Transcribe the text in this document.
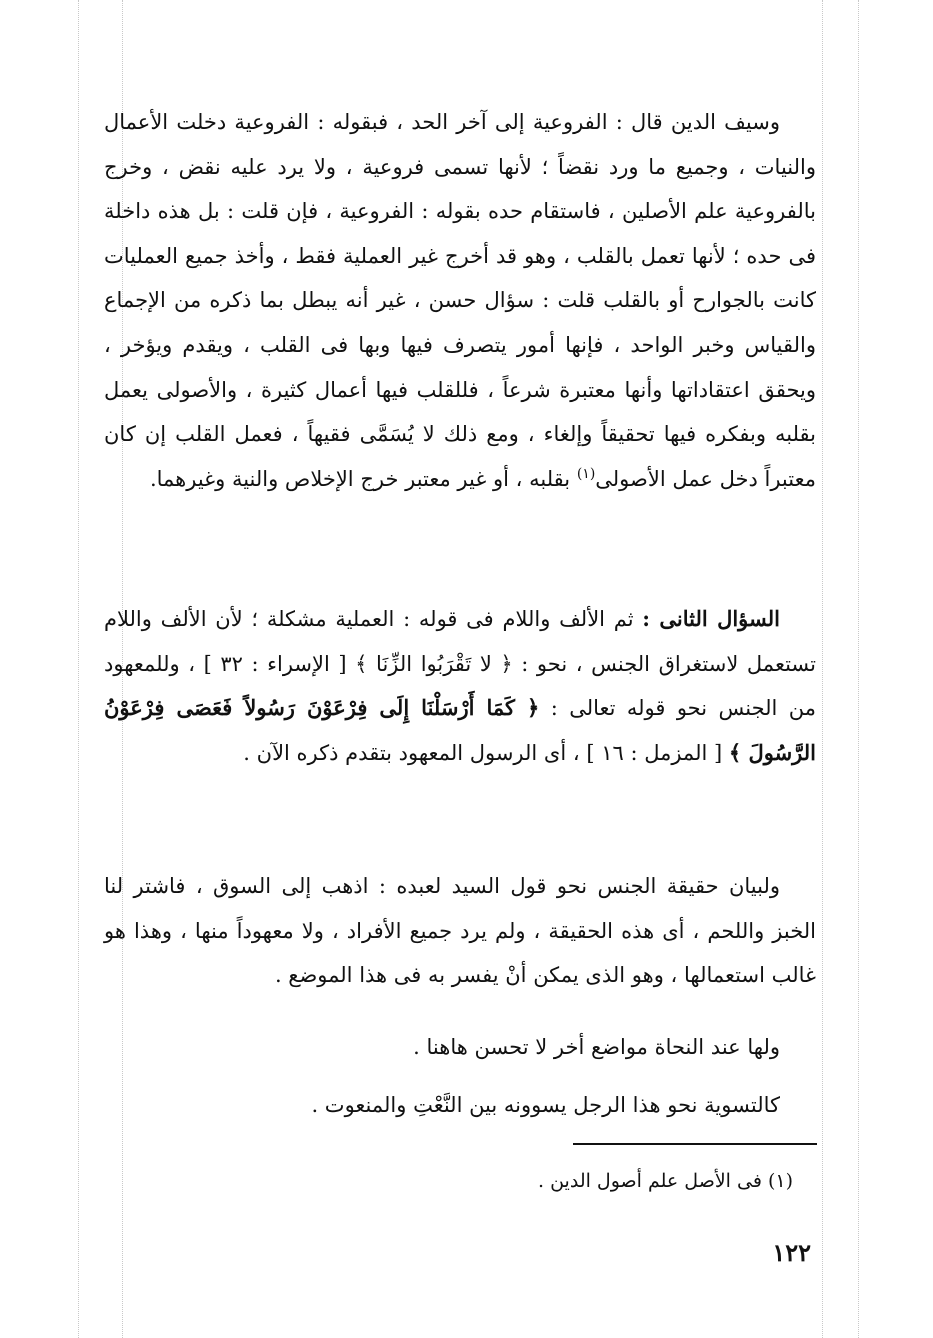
وسيف الدين قال : الفروعية إلى آخر الحد ، فبقوله : الفروعية دخلت الأعمال والنيات ، وجميع ما ورد نقضاً ؛ لأنها تسمى فروعية ، ولا يرد عليه نقض ، وخرج بالفروعية علم الأصلين ، فاستقام حده بقوله : الفروعية ، فإن قلت : بل هذه داخلة فى حده ؛ لأنها تعمل بالقلب ، وهو قد أخرج غير العملية فقط ، وأخذ جميع العمليات كانت بالجوارح أو بالقلب قلت : سؤال حسن ، غير أنه يبطل بما ذكره من الإجماع والقياس وخبر الواحد ، فإنها أمور يتصرف فيها وبها فى القلب ، ويقدم ويؤخر ، ويحقق اعتقاداتها وأنها معتبرة شرعاً ، فللقلب فيها أعمال كثيرة ، والأصولى يعمل بقلبه وبفكره فيها تحقيقاً وإلغاء ، ومع ذلك لا يُسَمَّى فقيهاً ، فعمل القلب إن كان معتبراً دخل عمل الأصولى$^{(١)}$ بقلبه ، أو غير معتبر خرج الإخلاص والنية وغيرهما.

السؤال الثانى : ثم الألف واللام فى قوله : العملية مشكلة ؛ لأن الألف واللام تستعمل لاستغراق الجنس ، نحو : ﴿ لا تَقْرَبُوا الزِّنَا ﴾ [ الإسراء : ٣٢ ] ، وللمعهود من الجنس نحو قوله تعالى : ﴿ كَمَا أَرْسَلْنَا إِلَى فِرْعَوْنَ رَسُولاً فَعَصَى فِرْعَوْنُ الرَّسُولَ ﴾ [ المزمل : ١٦ ] ، أى الرسول المعهود بتقدم ذكره الآن .

ولبيان حقيقة الجنس نحو قول السيد لعبده : اذهب إلى السوق ، فاشتر لنا الخبز واللحم ، أى هذه الحقيقة ، ولم يرد جميع الأفراد ، ولا معهوداً منها ، وهذا هو غالب استعمالها ، وهو الذى يمكن أنْ يفسر به فى هذا الموضع .

ولها عند النحاة مواضع أخر لا تحسن هاهنا .

كالتسوية نحو هذا الرجل يسوونه بين النَّعْتِ والمنعوت .

(١) فى الأصل علم أصول الدين .
١٢٢
